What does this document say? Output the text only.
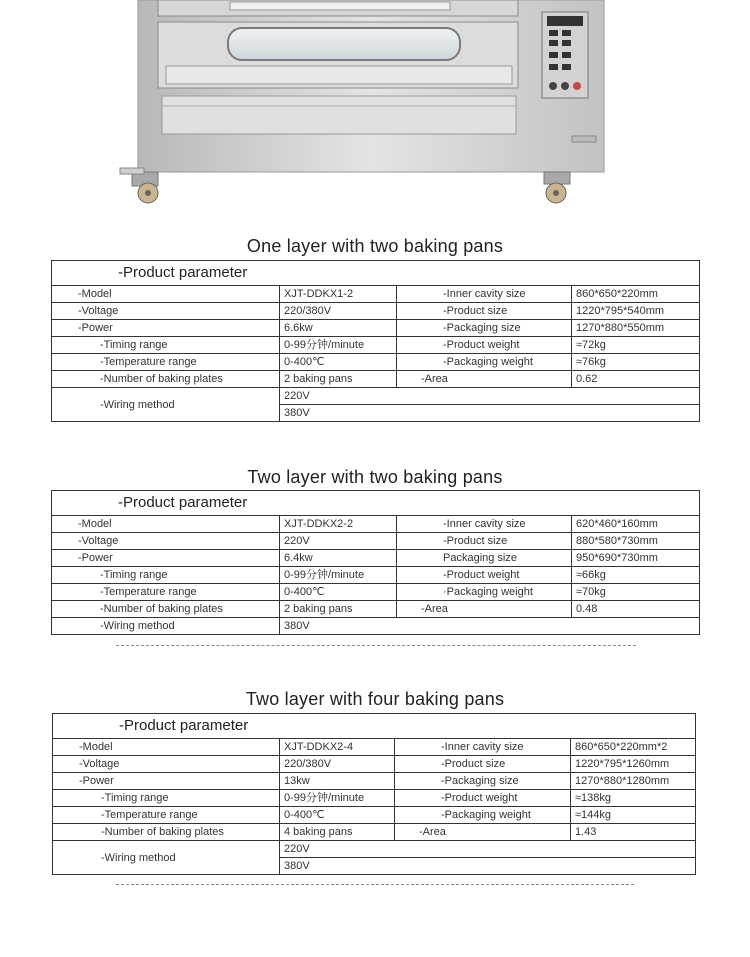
One layer with two baking pans
-Product parameter			
-Model	XJT-DDKX1-2	-Inner cavity size	860*650*220mm
-Voltage	220/380V	-Product size	1220*795*540mm
-Power	6.6kw	-Packaging size	1270*880*550mm
-Timing range	0-99分钟/minute	-Product weight	≈72kg
-Temperature range	0-400℃	-Packaging weight	≈76kg
-Number of baking plates	2 baking pans	-Area	0.62
-Wiring method	220V		
	380V		
Two layer with two baking pans
-Product parameter			
-Model	XJT-DDKX2-2	-Inner cavity size	620*460*160mm
-Voltage	220V	-Product size	880*580*730mm
-Power	6.4kw	Packaging size	950*690*730mm
-Timing range	0-99分钟/minute	-Product weight	≈66kg
-Temperature range	0-400℃	·Packaging weight	≈70kg
-Number of baking plates	2 baking pans	-Area	0.48
-Wiring method	380V		
Two layer with four baking pans
-Product parameter			
-Model	XJT-DDKX2-4	-Inner cavity size	860*650*220mm*2
-Voltage	220/380V	-Product size	1220*795*1260mm
-Power	13kw	-Packaging size	1270*880*1280mm
-Timing range	0-99分钟/minute	-Product weight	≈138kg
-Temperature range	0-400℃	-Packaging weight	≈144kg
-Number of baking plates	4 baking pans	-Area	1.43
-Wiring method	220V		
	380V		
